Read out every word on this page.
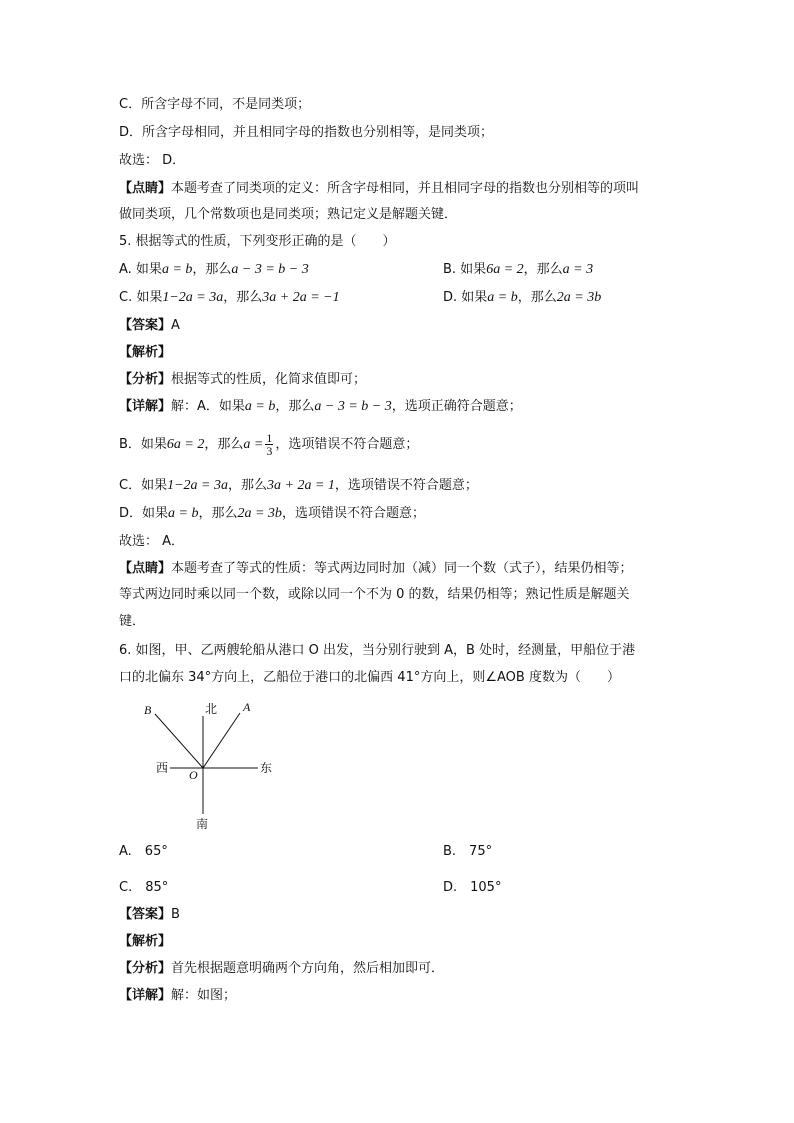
C．所含字母不同，不是同类项；
D．所含字母相同，并且相同字母的指数也分别相等，是同类项；
故选： D．
【点睛】本题考查了同类项的定义：所含字母相同，并且相同字母的指数也分别相等的项叫
做同类项，几个常数项也是同类项；熟记定义是解题关键．
5. 根据等式的性质，下列变形正确的是（　　）
A. 如果a = b，那么a − 3 = b − 3	B. 如果6a = 2，那么a = 3
C. 如果1−2a = 3a，那么3a + 2a = −1	D. 如果a = b，那么2a = 3b
【答案】A
【解析】
【分析】根据等式的性质，化简求值即可；
【详解】解：A．如果a = b，那么a − 3 = b − 3，选项正确符合题意；
B．如果6a = 2，那么$a = \frac{1}{3}$ ，选项错误不符合题意；
C．如果1−2a = 3a，那么3a + 2a = 1，选项错误不符合题意；
D．如果a = b，那么2a = 3b，选项错误不符合题意；
故选： A．
【点睛】本题考查了等式的性质：等式两边同时加（减）同一个数（式子），结果仍相等；
等式两边同时乘以同一个数，或除以同一个不为 0 的数，结果仍相等；熟记性质是解题关
键．
6. 如图，甲、乙两艘轮船从港口 O 出发，当分别行驶到 A，B 处时，经测量，甲船位于港
口的北偏东 34°方向上，乙船位于港口的北偏西 41°方向上，则∠AOB 度数为（　　）
北
南
东
西
A
B
O
A.　65°	B.　75°
C.　85°	D.　105°
【答案】B
【解析】
【分析】首先根据题意明确两个方向角，然后相加即可．
【详解】解：如图；
